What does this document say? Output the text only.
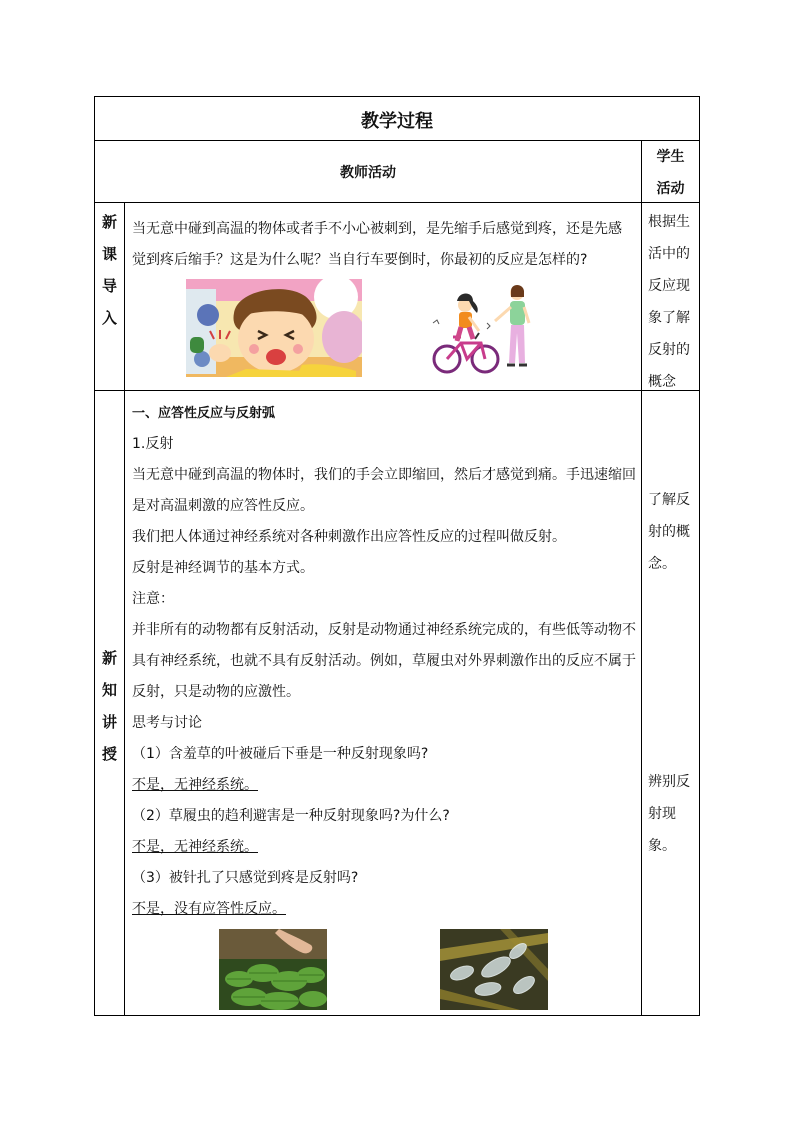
教学过程
教师活动
学生
活动
新
课
导
入
当无意中碰到高温的物体或者手不小心被刺到，是先缩手后感觉到疼，还是先感
觉到疼后缩手？这是为什么呢？当自行车要倒时，你最初的反应是怎样的?
根据生
活中的
反应现
象了解
反射的
概念
新
知
讲
授
一、应答性反应与反射弧
1.反射
当无意中碰到高温的物体时，我们的手会立即缩回，然后才感觉到痛。手迅速缩回
是对高温刺激的应答性反应。
我们把人体通过神经系统对各种刺激作出应答性反应的过程叫做反射。
反射是神经调节的基本方式。
注意：
并非所有的动物都有反射活动，反射是动物通过神经系统完成的，有些低等动物不
具有神经系统，也就不具有反射活动。例如，草履虫对外界刺激作出的反应不属于
反射，只是动物的应激性。
思考与讨论
（1）含羞草的叶被碰后下垂是一种反射现象吗?
不是，无神经系统。
（2）草履虫的趋利避害是一种反射现象吗?为什么?
不是，无神经系统。
（3）被针扎了只感觉到疼是反射吗?
不是，没有应答性反应。
了解反
射的概
念。
辨别反
射现
象。
